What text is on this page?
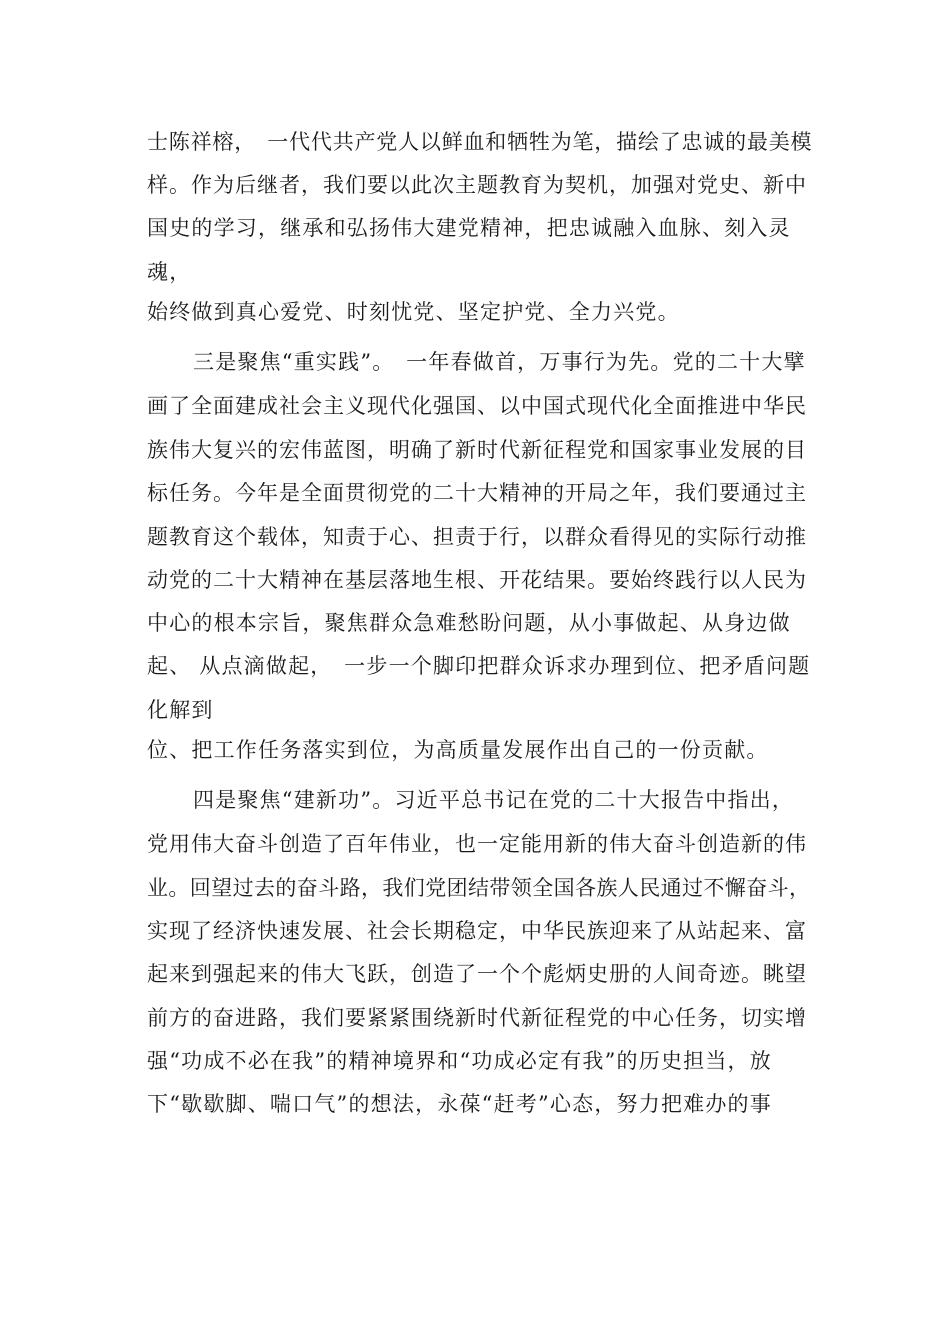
士陈祥榕，　一代代共产党人以鲜血和牺牲为笔，描绘了忠诚的最美模
样。作为后继者，我们要以此次主题教育为契机，加强对党史、新中
国史的学习，继承和弘扬伟大建党精神，把忠诚融入血脉、刻入灵
魂，
始终做到真心爱党、时刻忧党、坚定护党、全力兴党。
三是聚焦“重实践”。　一年春做首，万事行为先。党的二十大擘
画了全面建成社会主义现代化强国、以中国式现代化全面推进中华民
族伟大复兴的宏伟蓝图，明确了新时代新征程党和国家事业发展的目
标任务。今年是全面贯彻党的二十大精神的开局之年，我们要通过主
题教育这个载体，知责于心、担责于行，以群众看得见的实际行动推
动党的二十大精神在基层落地生根、开花结果。要始终践行以人民为
中心的根本宗旨，聚焦群众急难愁盼问题，从小事做起、从身边做
起、 从点滴做起，　一步一个脚印把群众诉求办理到位、把矛盾问题
化解到
位、把工作任务落实到位，为高质量发展作出自己的一份贡献。
四是聚焦“建新功”。习近平总书记在党的二十大报告中指出，
党用伟大奋斗创造了百年伟业，也一定能用新的伟大奋斗创造新的伟
业。回望过去的奋斗路，我们党团结带领全国各族人民通过不懈奋斗，
实现了经济快速发展、社会长期稳定，中华民族迎来了从站起来、富
起来到强起来的伟大飞跃，创造了一个个彪炳史册的人间奇迹。眺望
前方的奋进路，我们要紧紧围绕新时代新征程党的中心任务，切实增
强“功成不必在我”的精神境界和“功成必定有我”的历史担当，放
下“歇歇脚、喘口气”的想法，永葆“赶考”心态，努力把难办的事
